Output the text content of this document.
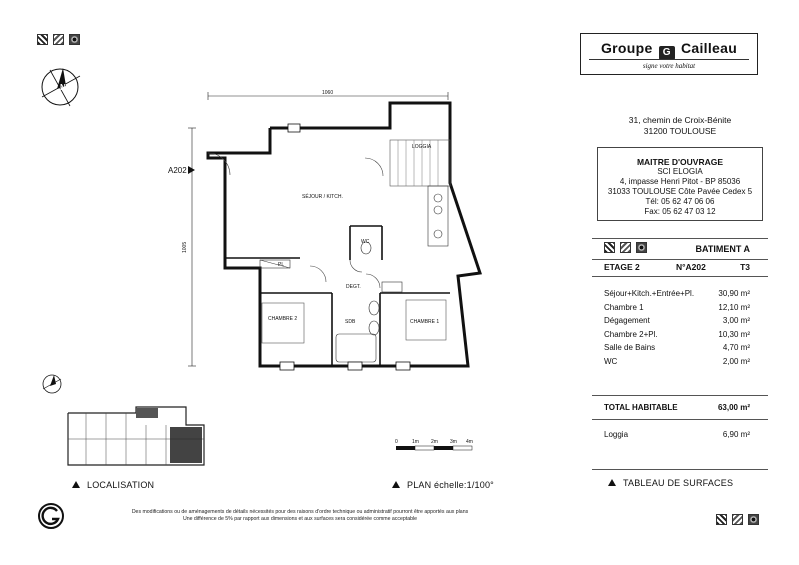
N
Groupe G Cailleau
signe votre habitat
A202
1060
1005
LOGGIA
SÉJOUR / KITCH.
WC
DEGT.
PL
SDB	CHAMBRE 1
CHAMBRE 2
0	1m 2m 3m 4m
31, chemin de Croix-Bénite
31200 TOULOUSE
MAITRE D'OUVRAGE
SCI ELOGIA
4, impasse Henri Pitot - BP 85036
31033 TOULOUSE Côte Pavée Cedex 5
Tél: 05 62 47 06 06
Fax: 05 62 47 03 12
BATIMENT A
ETAGE 2	N°A202	T3
Séjour+Kitch.+Entrée+Pl.	30,90 m²
Chambre 1	12,10 m²
Dégagement	3,00 m²
Chambre 2+Pl.	10,30 m²
Salle de Bains	4,70 m²
WC	2,00 m²
TOTAL HABITABLE	63,00 m²
Loggia	6,90 m²
LOCALISATION	PLAN échelle:1/100°	TABLEAU DE SURFACES
Des modifications ou de aménagements de détails nécessités pour des raisons d'ordre technique ou administratif pourront être apportés aux plans
Une différence de 5% par rapport aux dimensions et aux surfaces sera considérée comme acceptable
